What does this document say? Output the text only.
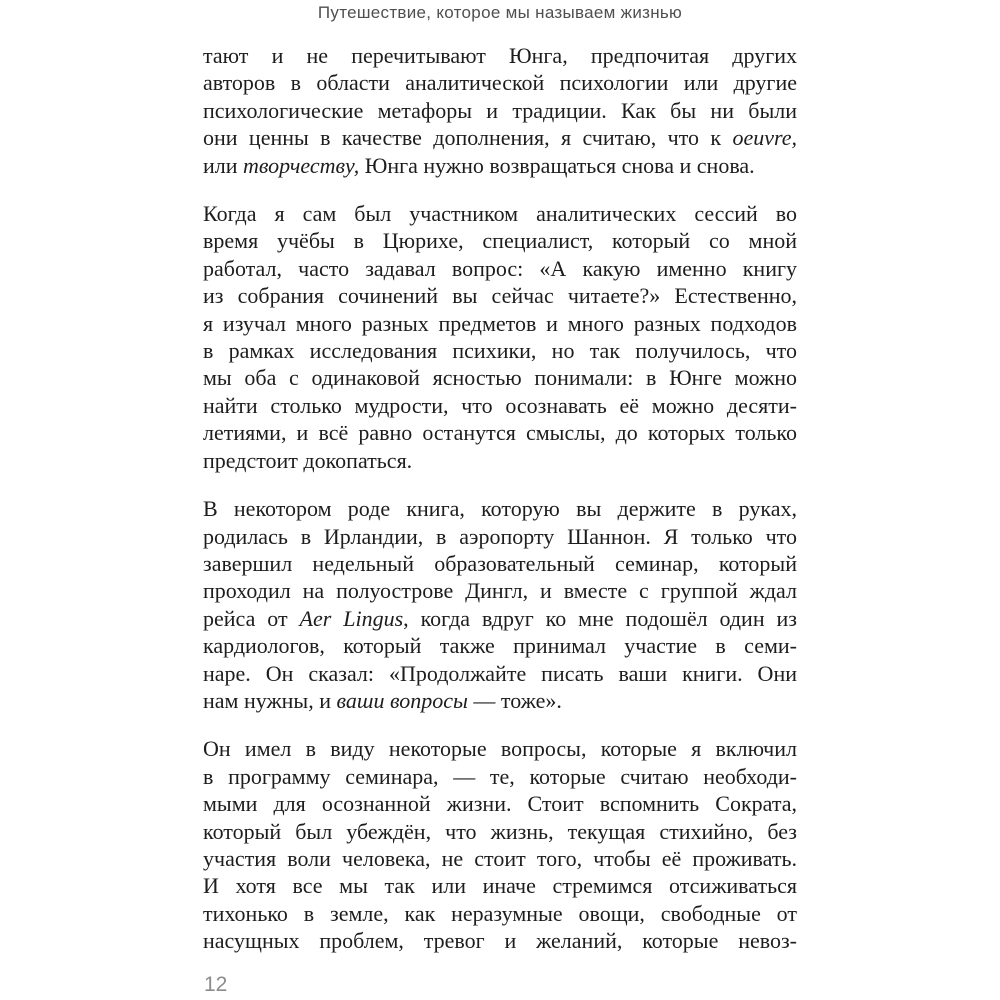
Путешествие, которое мы называем жизнью
тают и не перечитывают Юнга, предпочитая других
авторов в области аналитической психологии или другие
психологические метафоры и традиции. Как бы ни были
они ценны в качестве дополнения, я считаю, что к oeuvre,
или творчеству, Юнга нужно возвращаться снова и снова.
Когда я сам был участником аналитических сессий во
время учёбы в Цюрихе, специалист, который со мной
работал, часто задавал вопрос: «А какую именно книгу
из собрания сочинений вы сейчас читаете?» Естественно,
я изучал много разных предметов и много разных подходов
в рамках исследования психики, но так получилось, что
мы оба с одинаковой ясностью понимали: в Юнге можно
найти столько мудрости, что осознавать её можно десяти-
летиями, и всё равно останутся смыслы, до которых только
предстоит докопаться.
В некотором роде книга, которую вы держите в руках,
родилась в Ирландии, в аэропорту Шаннон. Я только что
завершил недельный образовательный семинар, который
проходил на полуострове Дингл, и вместе с группой ждал
рейса от Aer Lingus, когда вдруг ко мне подошёл один из
кардиологов, который также принимал участие в семи-
наре. Он сказал: «Продолжайте писать ваши книги. Они
нам нужны, и ваши вопросы — тоже».
Он имел в виду некоторые вопросы, которые я включил
в программу семинара, — те, которые считаю необходи-
мыми для осознанной жизни. Стоит вспомнить Сократа,
который был убеждён, что жизнь, текущая стихийно, без
участия воли человека, не стоит того, чтобы её проживать.
И хотя все мы так или иначе стремимся отсиживаться
тихонько в земле, как неразумные овощи, свободные от
насущных проблем, тревог и желаний, которые невоз-
12
